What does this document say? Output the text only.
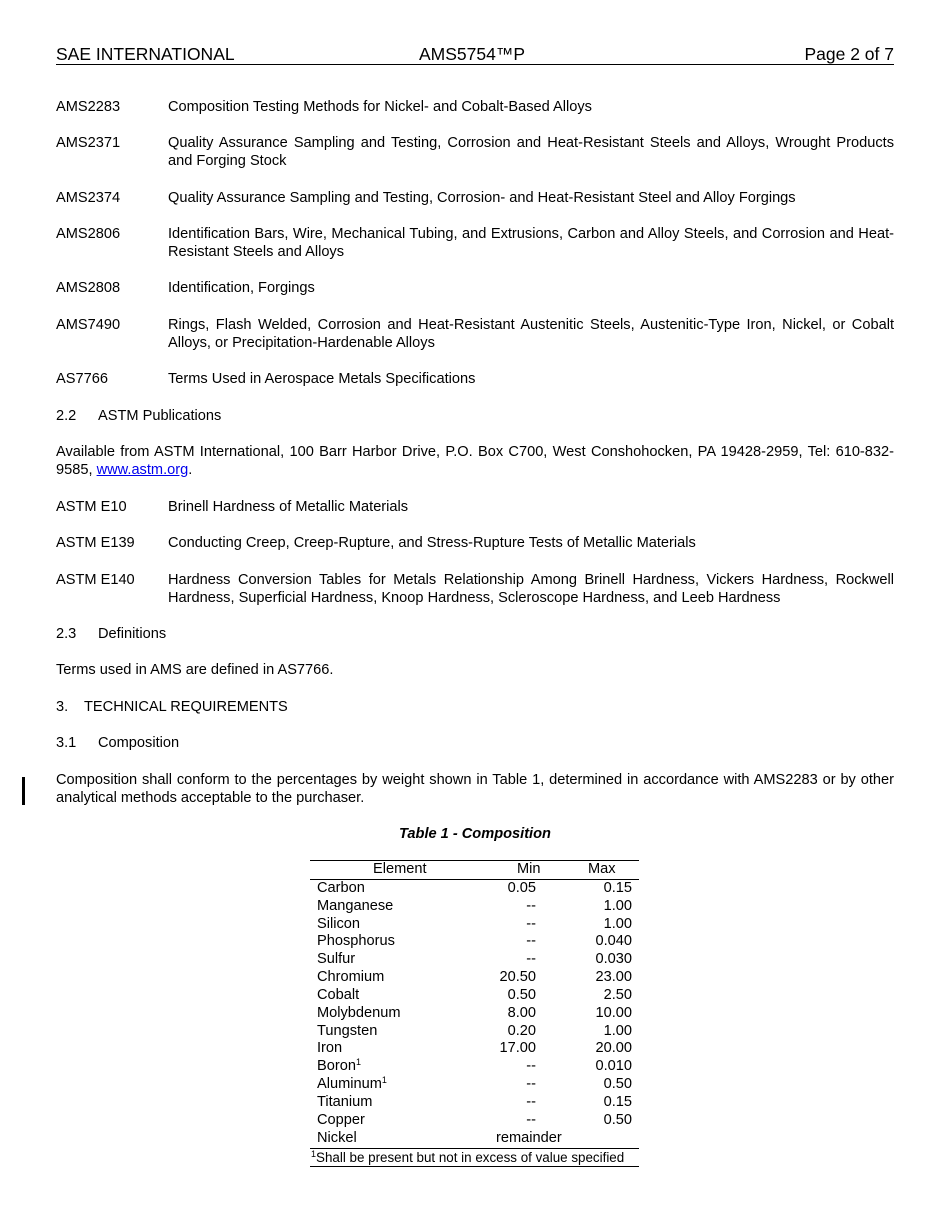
SAE INTERNATIONAL	AMS5754™P	Page 2 of 7
AMS2283	Composition Testing Methods for Nickel- and Cobalt-Based Alloys
AMS2371	Quality Assurance Sampling and Testing, Corrosion and Heat-Resistant Steels and Alloys, Wrought Products and Forging Stock
AMS2374	Quality Assurance Sampling and Testing, Corrosion- and Heat-Resistant Steel and Alloy Forgings
AMS2806	Identification Bars, Wire, Mechanical Tubing, and Extrusions, Carbon and Alloy Steels, and Corrosion and Heat-Resistant Steels and Alloys
AMS2808	Identification, Forgings
AMS7490	Rings, Flash Welded, Corrosion and Heat-Resistant Austenitic Steels, Austenitic-Type Iron, Nickel, or Cobalt Alloys, or Precipitation-Hardenable Alloys
AS7766	Terms Used in Aerospace Metals Specifications
2.2 ASTM Publications
Available from ASTM International, 100 Barr Harbor Drive, P.O. Box C700, West Conshohocken, PA 19428-2959, Tel: 610-832-9585, www.astm.org.
ASTM E10	Brinell Hardness of Metallic Materials
ASTM E139 Conducting Creep, Creep-Rupture, and Stress-Rupture Tests of Metallic Materials
ASTM E140 Hardness Conversion Tables for Metals Relationship Among Brinell Hardness, Vickers Hardness, Rockwell Hardness, Superficial Hardness, Knoop Hardness, Scleroscope Hardness, and Leeb Hardness
2.3 Definitions
Terms used in AMS are defined in AS7766.
3. TECHNICAL REQUIREMENTS
3.1 Composition
Composition shall conform to the percentages by weight shown in Table 1, determined in accordance with AMS2283 or by other analytical methods acceptable to the purchaser.
Table 1 - Composition
Element	Min	Max
Carbon	0.05	0.15
Manganese	--	1.00
Silicon	--	1.00
Phosphorus	--	0.040
Sulfur	--	0.030
Chromium	20.50	23.00
Cobalt	0.50	2.50
Molybdenum	8.00	10.00
Tungsten	0.20	1.00
Iron	17.00	20.00
Boron$^1$	--	0.010
Aluminum$^1$	--	0.50
Titanium	--	0.15
Copper	--	0.50
Nickel	remainder
$^1$Shall be present but not in excess of value specified
